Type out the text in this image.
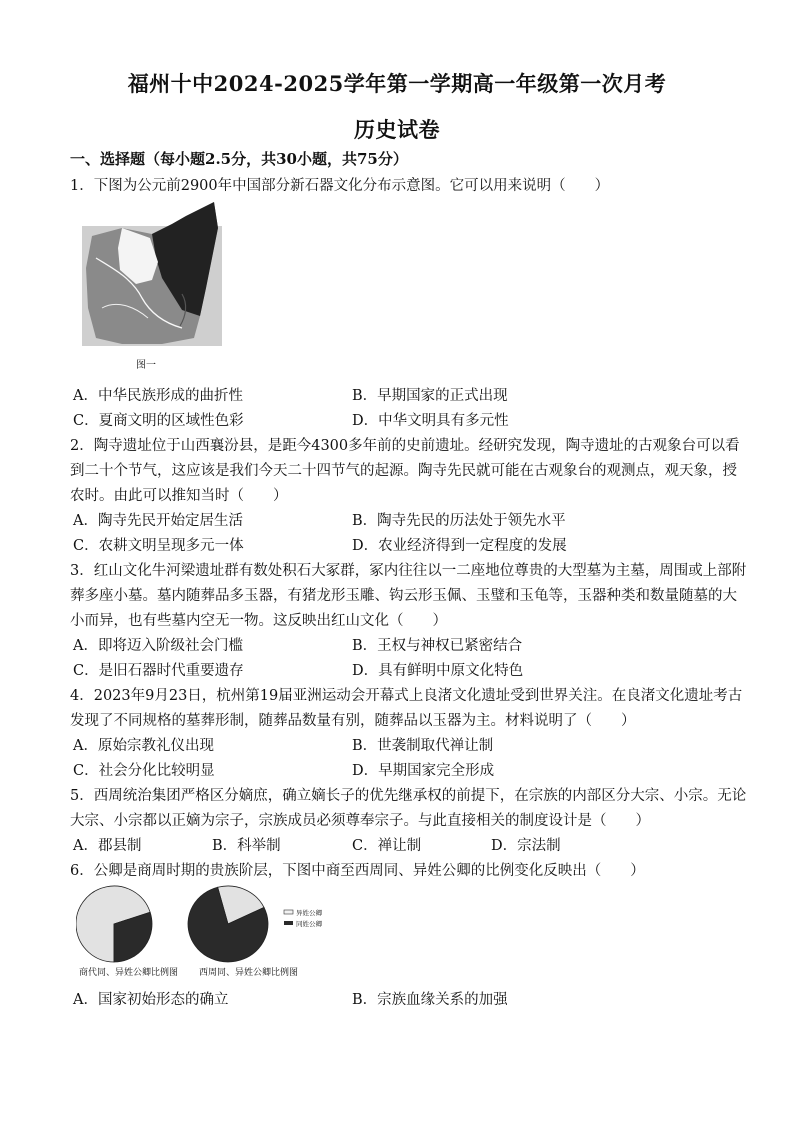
福州十中2024-2025学年第一学期高一年级第一次月考
历史试卷
一、选择题（每小题2.5分，共30小题，共75分）
1．下图为公元前2900年中国部分新石器文化分布示意图。它可以用来说明（　　）
图一
A．中华民族形成的曲折性	B．早期国家的正式出现
C．夏商文明的区域性色彩	D．中华文明具有多元性
2．陶寺遗址位于山西襄汾县，是距今4300多年前的史前遗址。经研究发现，陶寺遗址的古观象台可以看
到二十个节气，这应该是我们今天二十四节气的起源。陶寺先民就可能在古观象台的观测点，观天象，授
农时。由此可以推知当时（　　）
A．陶寺先民开始定居生活	B．陶寺先民的历法处于领先水平
C．农耕文明呈现多元一体	D．农业经济得到一定程度的发展
3．红山文化牛河梁遗址群有数处积石大冢群，冢内往往以一二座地位尊贵的大型墓为主墓，周围或上部附
葬多座小墓。墓内随葬品多玉器，有猪龙形玉雕、钩云形玉佩、玉璧和玉龟等，玉器种类和数量随墓的大
小而异，也有些墓内空无一物。这反映出红山文化（　　）
A．即将迈入阶级社会门槛	B．王权与神权已紧密结合
C．是旧石器时代重要遗存	D．具有鲜明中原文化特色
4．2023年9月23日，杭州第19届亚洲运动会开幕式上良渚文化遗址受到世界关注。在良渚文化遗址考古
发现了不同规格的墓葬形制，随葬品数量有别，随葬品以玉器为主。材料说明了（　　）
A．原始宗教礼仪出现	B．世袭制取代禅让制
C．社会分化比较明显	D．早期国家完全形成
5．西周统治集团严格区分嫡庶，确立嫡长子的优先继承权的前提下，在宗族的内部区分大宗、小宗。无论
大宗、小宗都以正嫡为宗子，宗族成员必须尊奉宗子。与此直接相关的制度设计是（　　）
A．郡县制	B．科举制	C．禅让制	D．宗法制
6．公卿是商周时期的贵族阶层，下图中商至西周同、异姓公卿的比例变化反映出（　　）
异姓公卿
同姓公卿
商代同、异姓公卿比例图 西周同、异姓公卿比例图
A．国家初始形态的确立	B．宗族血缘关系的加强
